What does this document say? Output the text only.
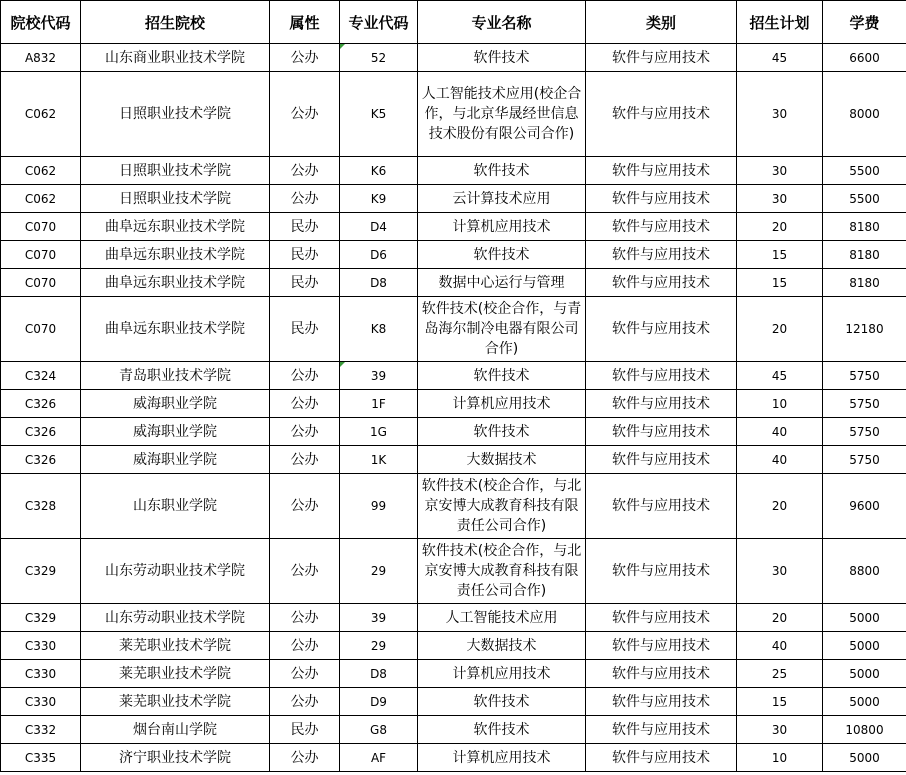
院校代码	招生院校	属性	专业代码	专业名称	类别	招生计划	学费
A832	山东商业职业技术学院	公办	52	软件技术	软件与应用技术	45	6600
C062	日照职业技术学院	公办	K5	人工智能技术应用(校企合作，与北京华晟经世信息技术股份有限公司合作)	软件与应用技术	30	8000
C062	日照职业技术学院	公办	K6	软件技术	软件与应用技术	30	5500
C062	日照职业技术学院	公办	K9	云计算技术应用	软件与应用技术	30	5500
C070	曲阜远东职业技术学院	民办	D4	计算机应用技术	软件与应用技术	20	8180
C070	曲阜远东职业技术学院	民办	D6	软件技术	软件与应用技术	15	8180
C070	曲阜远东职业技术学院	民办	D8	数据中心运行与管理	软件与应用技术	15	8180
C070	曲阜远东职业技术学院	民办	K8	软件技术(校企合作，与青岛海尔制冷电器有限公司合作)	软件与应用技术	20	12180
C324	青岛职业技术学院	公办	39	软件技术	软件与应用技术	45	5750
C326	威海职业学院	公办	1F	计算机应用技术	软件与应用技术	10	5750
C326	威海职业学院	公办	1G	软件技术	软件与应用技术	40	5750
C326	威海职业学院	公办	1K	大数据技术	软件与应用技术	40	5750
C328	山东职业学院	公办	99	软件技术(校企合作，与北京安博大成教育科技有限责任公司合作)	软件与应用技术	20	9600
C329	山东劳动职业技术学院	公办	29	软件技术(校企合作，与北京安博大成教育科技有限责任公司合作)	软件与应用技术	30	8800
C329	山东劳动职业技术学院	公办	39	人工智能技术应用	软件与应用技术	20	5000
C330	莱芜职业技术学院	公办	29	大数据技术	软件与应用技术	40	5000
C330	莱芜职业技术学院	公办	D8	计算机应用技术	软件与应用技术	25	5000
C330	莱芜职业技术学院	公办	D9	软件技术	软件与应用技术	15	5000
C332	烟台南山学院	民办	G8	软件技术	软件与应用技术	30	10800
C335	济宁职业技术学院	公办	AF	计算机应用技术	软件与应用技术	10	5000
